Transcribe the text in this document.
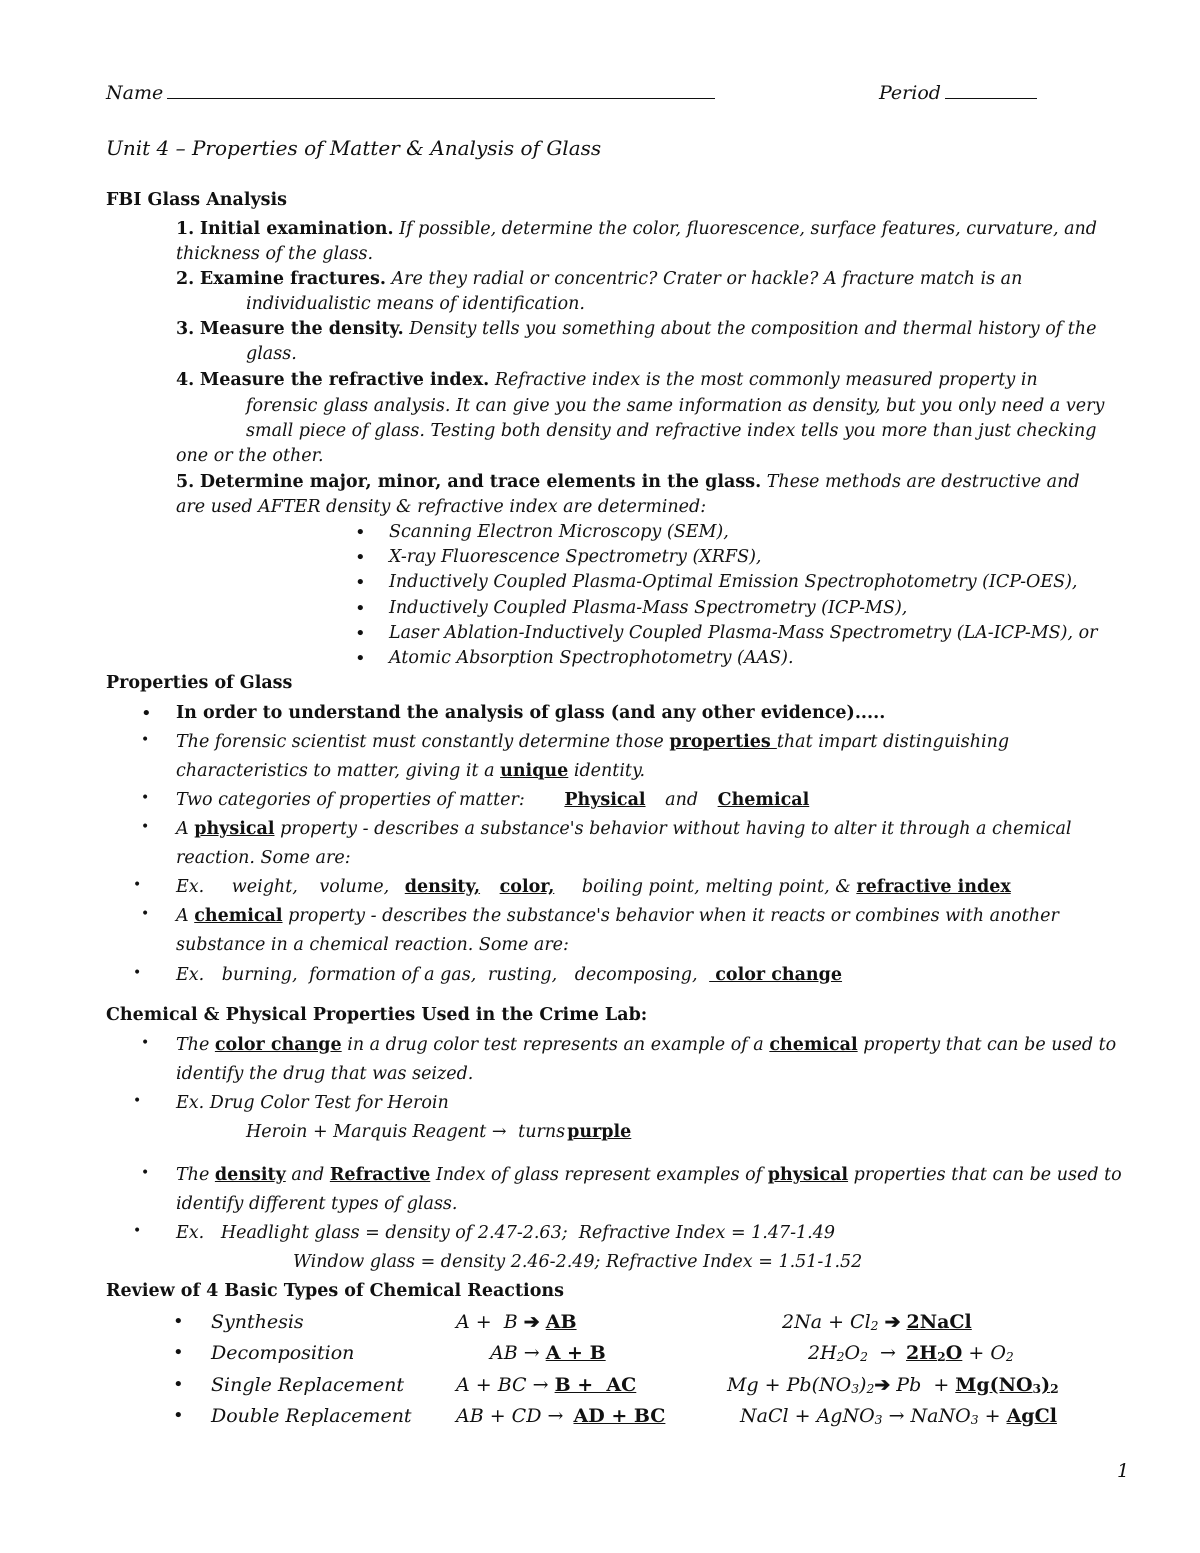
Name	Period
Unit 4 – Properties of Matter & Analysis of Glass
FBI Glass Analysis
1. Initial examination. If possible, determine the color, fluorescence, surface features, curvature, and
thickness of the glass.
2. Examine fractures. Are they radial or concentric? Crater or hackle? A fracture match is an
individualistic means of identification.
3. Measure the density. Density tells you something about the composition and thermal history of the
glass.
4. Measure the refractive index. Refractive index is the most commonly measured property in
forensic glass analysis. It can give you the same information as density, but you only need a very
small piece of glass. Testing both density and refractive index tells you more than just checking
one or the other.
5. Determine major, minor, and trace elements in the glass. These methods are destructive and
are used AFTER density & refractive index are determined:
• Scanning Electron Microscopy (SEM),
• X-ray Fluorescence Spectrometry (XRFS),
• Inductively Coupled Plasma-Optimal Emission Spectrophotometry (ICP-OES),
• Inductively Coupled Plasma-Mass Spectrometry (ICP-MS),
• Laser Ablation-Inductively Coupled Plasma-Mass Spectrometry (LA-ICP-MS), or
• Atomic Absorption Spectrophotometry (AAS).
Properties of Glass
• In order to understand the analysis of glass (and any other evidence).....
• The forensic scientist must constantly determine those properties that impart distinguishing
characteristics to matter, giving it a unique identity.
• Two categories of properties of matter: Physical and Chemical
• A physical property - describes a substance's behavior without having to alter it through a chemical
reaction. Some are:
• Ex. weight, volume, density, color, boiling point, melting point, & refractive index
• A chemical property - describes the substance's behavior when it reacts or combines with another
substance in a chemical reaction. Some are:
• Ex. burning, formation of a gas, rusting, decomposing,  color change
Chemical & Physical Properties Used in the Crime Lab:
• The color change in a drug color test represents an example of a chemical property that can be used to
identify the drug that was seized.
• Ex. Drug Color Test for Heroin
Heroin + Marquis Reagent → turns purple
• The density and Refractive Index of glass represent examples of physical properties that can be used to
identify different types of glass.
• Ex.   Headlight glass = density of 2.47-2.63;  Refractive Index = 1.47-1.49
Window glass = density 2.46-2.49; Refractive Index = 1.51-1.52
Review of 4 Basic Types of Chemical Reactions
• Synthesis	A +  B ➔ AB	2Na + Cl2 ➔ 2NaCl
• Decomposition	AB → A + B	2H2O2 → 2H2O + O2
• Single Replacement	A + BC → B +  AC	Mg + Pb(NO3)2➔ Pb  + Mg(NO3)2
• Double Replacement AB + CD → AD + BC	NaCl + AgNO3 → NaNO3 + AgCl
1
